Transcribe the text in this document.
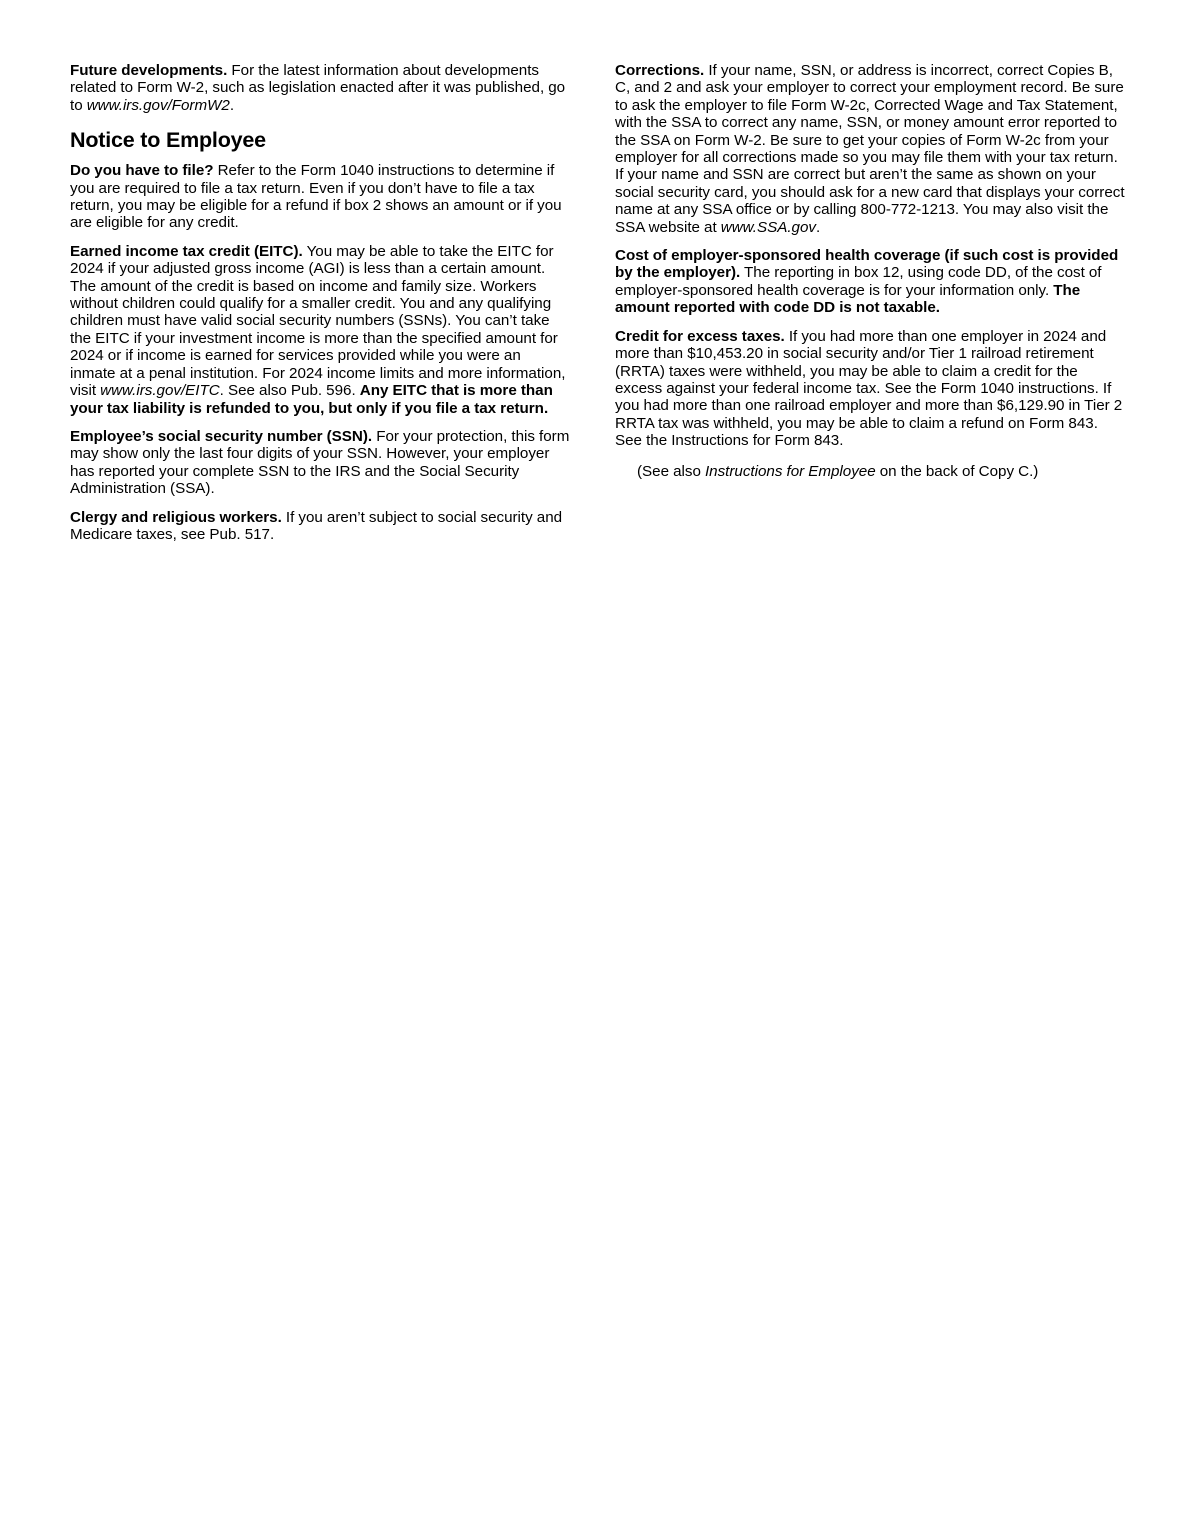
Future developments. For the latest information about developments related to Form W-2, such as legislation enacted after it was published, go to www.irs.gov/FormW2.

Notice to Employee

Do you have to file? Refer to the Form 1040 instructions to determine if you are required to file a tax return. Even if you don’t have to file a tax return, you may be eligible for a refund if box 2 shows an amount or if you are eligible for any credit.

Earned income tax credit (EITC). You may be able to take the EITC for 2024 if your adjusted gross income (AGI) is less than a certain amount. The amount of the credit is based on income and family size. Workers without children could qualify for a smaller credit. You and any qualifying children must have valid social security numbers (SSNs). You can’t take the EITC if your investment income is more than the specified amount for 2024 or if income is earned for services provided while you were an inmate at a penal institution. For 2024 income limits and more information, visit www.irs.gov/EITC. See also Pub. 596. Any EITC that is more than your tax liability is refunded to you, but only if you file a tax return.

Employee’s social security number (SSN). For your protection, this form may show only the last four digits of your SSN. However, your employer has reported your complete SSN to the IRS and the Social Security Administration (SSA).

Clergy and religious workers. If you aren’t subject to social security and Medicare taxes, see Pub. 517.

Corrections. If your name, SSN, or address is incorrect, correct Copies B, C, and 2 and ask your employer to correct your employment record. Be sure to ask the employer to file Form W-2c, Corrected Wage and Tax Statement, with the SSA to correct any name, SSN, or money amount error reported to the SSA on Form W-2. Be sure to get your copies of Form W-2c from your employer for all corrections made so you may file them with your tax return. If your name and SSN are correct but aren’t the same as shown on your social security card, you should ask for a new card that displays your correct name at any SSA office or by calling 800-772-1213. You may also visit the SSA website at www.SSA.gov.

Cost of employer-sponsored health coverage (if such cost is provided by the employer). The reporting in box 12, using code DD, of the cost of employer-sponsored health coverage is for your information only. The amount reported with code DD is not taxable.

Credit for excess taxes. If you had more than one employer in 2024 and more than $10,453.20 in social security and/or Tier 1 railroad retirement (RRTA) taxes were withheld, you may be able to claim a credit for the excess against your federal income tax. See the Form 1040 instructions. If you had more than one railroad employer and more than $6,129.90 in Tier 2 RRTA tax was withheld, you may be able to claim a refund on Form 843. See the Instructions for Form 843.

(See also Instructions for Employee on the back of Copy C.)
